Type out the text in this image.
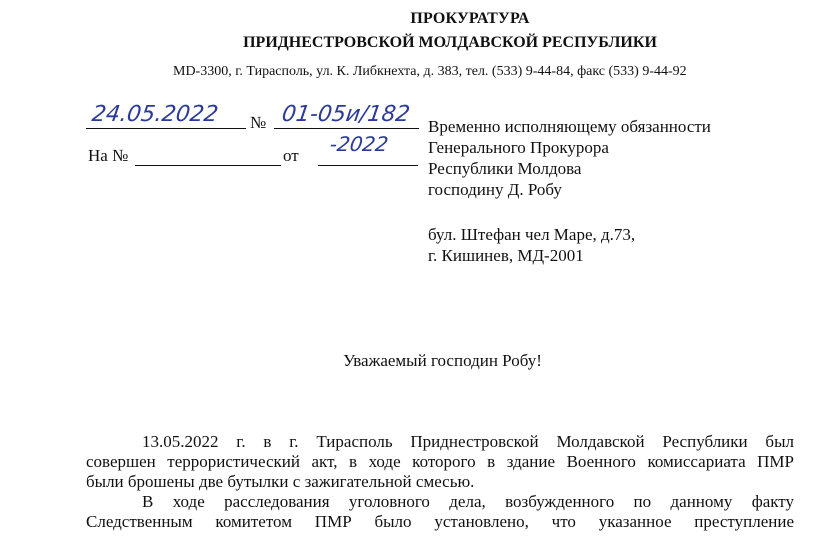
ПРОКУРАТУРА
ПРИДНЕСТРОВСКОЙ МОЛДАВСКОЙ РЕСПУБЛИКИ
MD-3300, г. Тирасполь, ул. К. Либкнехта, д. 383, тел. (533) 9-44-84, факс (533) 9-44-92
24.05.2022 № 01-05и/182
-2022
На №	от
Временно исполняющему обязанности
Генерального Прокурора
Республики Молдова
господину Д. Робу
бул. Штефан чел Маре, д.73,
г. Кишинев, МД-2001
Уважаемый господин Робу!

13.05.2022 г. в г. Тирасполь Приднестровской Молдавской Республики был

совершен террористический акт, в ходе которого в здание Военного комиссариата ПМР

были брошены две бутылки с зажигательной смесью.

В ходе расследования уголовного дела, возбужденного по данному факту

Следственным комитетом ПМР было установлено, что указанное преступление
